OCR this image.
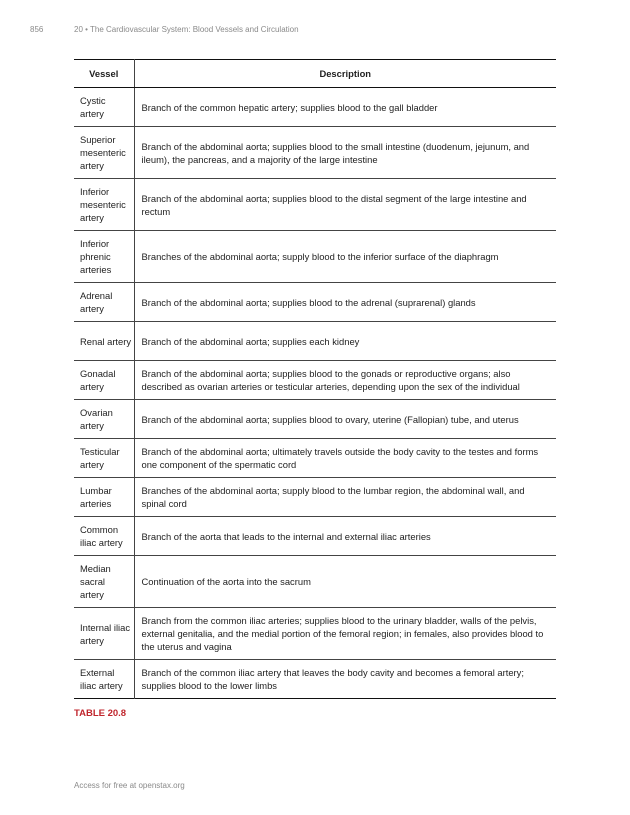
856	20 • The Cardiovascular System: Blood Vessels and Circulation
Vessel	Description
Cystic artery	Branch of the common hepatic artery; supplies blood to the gall bladder
Superior mesenteric artery	Branch of the abdominal aorta; supplies blood to the small intestine (duodenum, jejunum, and ileum), the pancreas, and a majority of the large intestine
Inferior mesenteric artery	Branch of the abdominal aorta; supplies blood to the distal segment of the large intestine and rectum
Inferior phrenic arteries	Branches of the abdominal aorta; supply blood to the inferior surface of the diaphragm
Adrenal artery	Branch of the abdominal aorta; supplies blood to the adrenal (suprarenal) glands
Renal artery	Branch of the abdominal aorta; supplies each kidney
Gonadal artery	Branch of the abdominal aorta; supplies blood to the gonads or reproductive organs; also described as ovarian arteries or testicular arteries, depending upon the sex of the individual
Ovarian artery	Branch of the abdominal aorta; supplies blood to ovary, uterine (Fallopian) tube, and uterus
Testicular artery	Branch of the abdominal aorta; ultimately travels outside the body cavity to the testes and forms one component of the spermatic cord
Lumbar arteries	Branches of the abdominal aorta; supply blood to the lumbar region, the abdominal wall, and spinal cord
Common iliac artery	Branch of the aorta that leads to the internal and external iliac arteries
Median sacral artery	Continuation of the aorta into the sacrum
Internal iliac artery	Branch from the common iliac arteries; supplies blood to the urinary bladder, walls of the pelvis, external genitalia, and the medial portion of the femoral region; in females, also provides blood to the uterus and vagina
External iliac artery	Branch of the common iliac artery that leaves the body cavity and becomes a femoral artery; supplies blood to the lower limbs
TABLE 20.8
Access for free at openstax.org
